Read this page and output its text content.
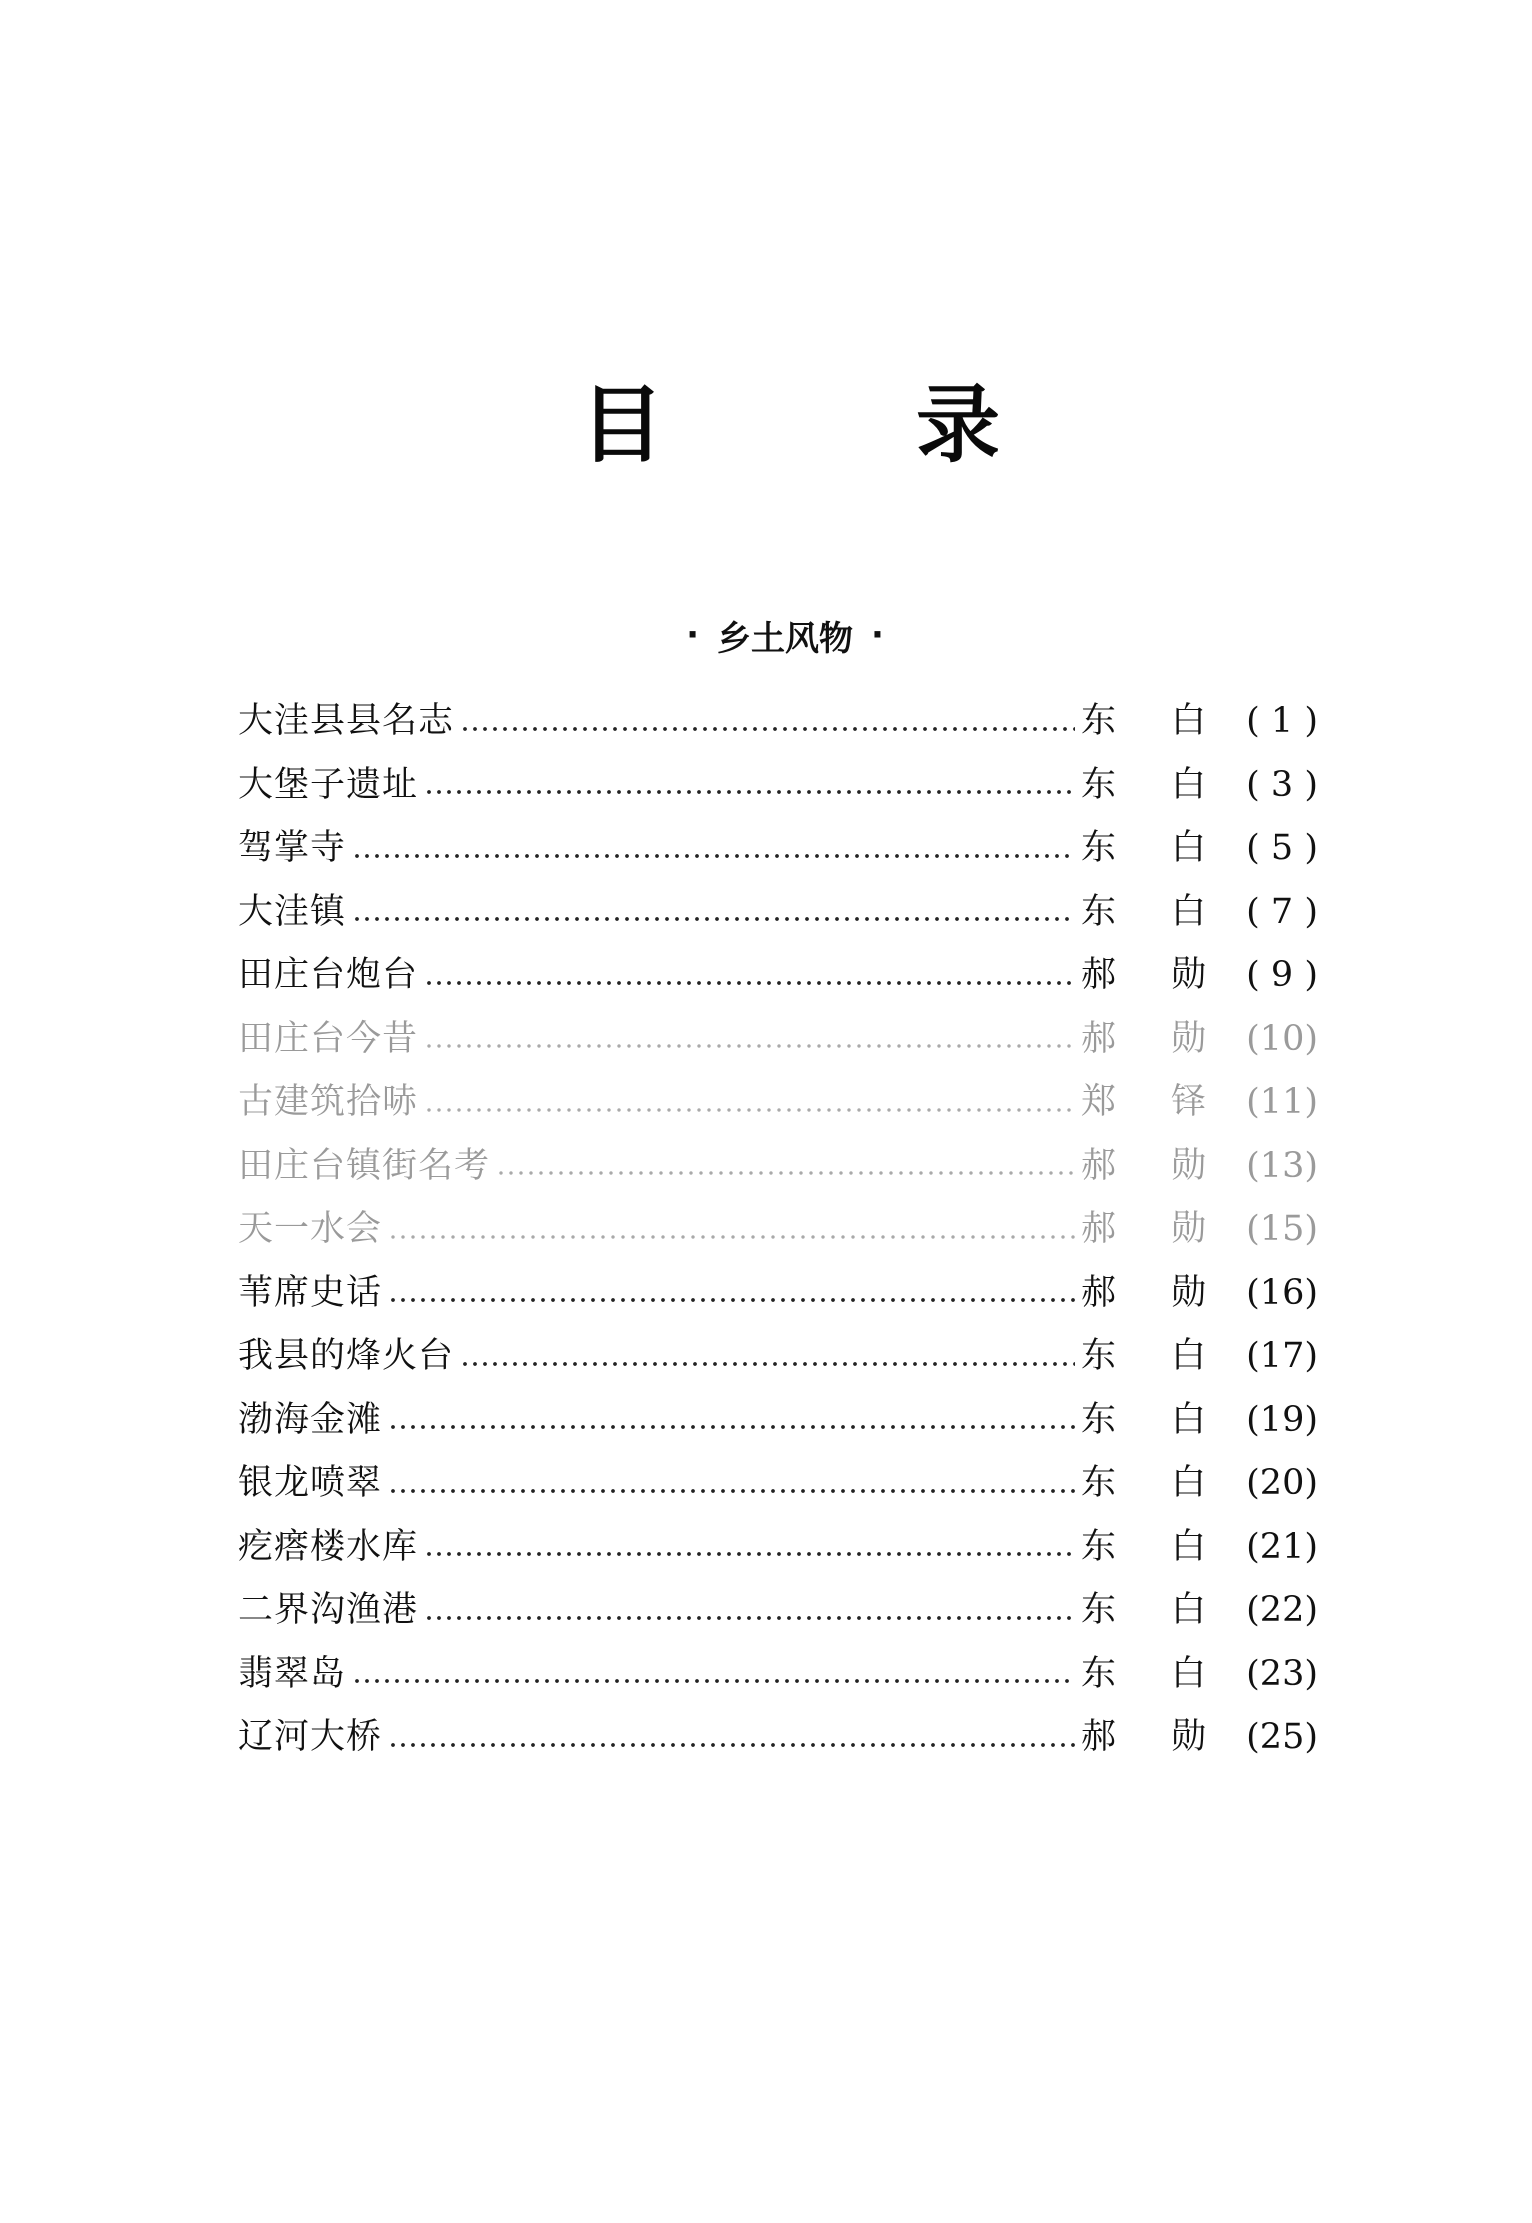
目	录
· 乡土风物 ·
大洼县县名志	东 白	( 1 )
大堡子遗址	东 白	( 3 )
驾掌寺	东 白	( 5 )
大洼镇	东 白	( 7 )
田庄台炮台	郝 勋	( 9 )
田庄台今昔	郝 勋	(10)
古建筑拾哧	郑 铎	(11)
田庄台镇街名考	郝 勋	(13)
天一水会	郝 勋	(15)
苇席史话	郝 勋	(16)
我县的烽火台	东 白	(17)
渤海金滩	东 白	(19)
银龙喷翠	东 白	(20)
疙瘩楼水库	东 白	(21)
二界沟渔港	东 白	(22)
翡翠岛	东 白	(23)
辽河大桥	郝 勋	(25)
